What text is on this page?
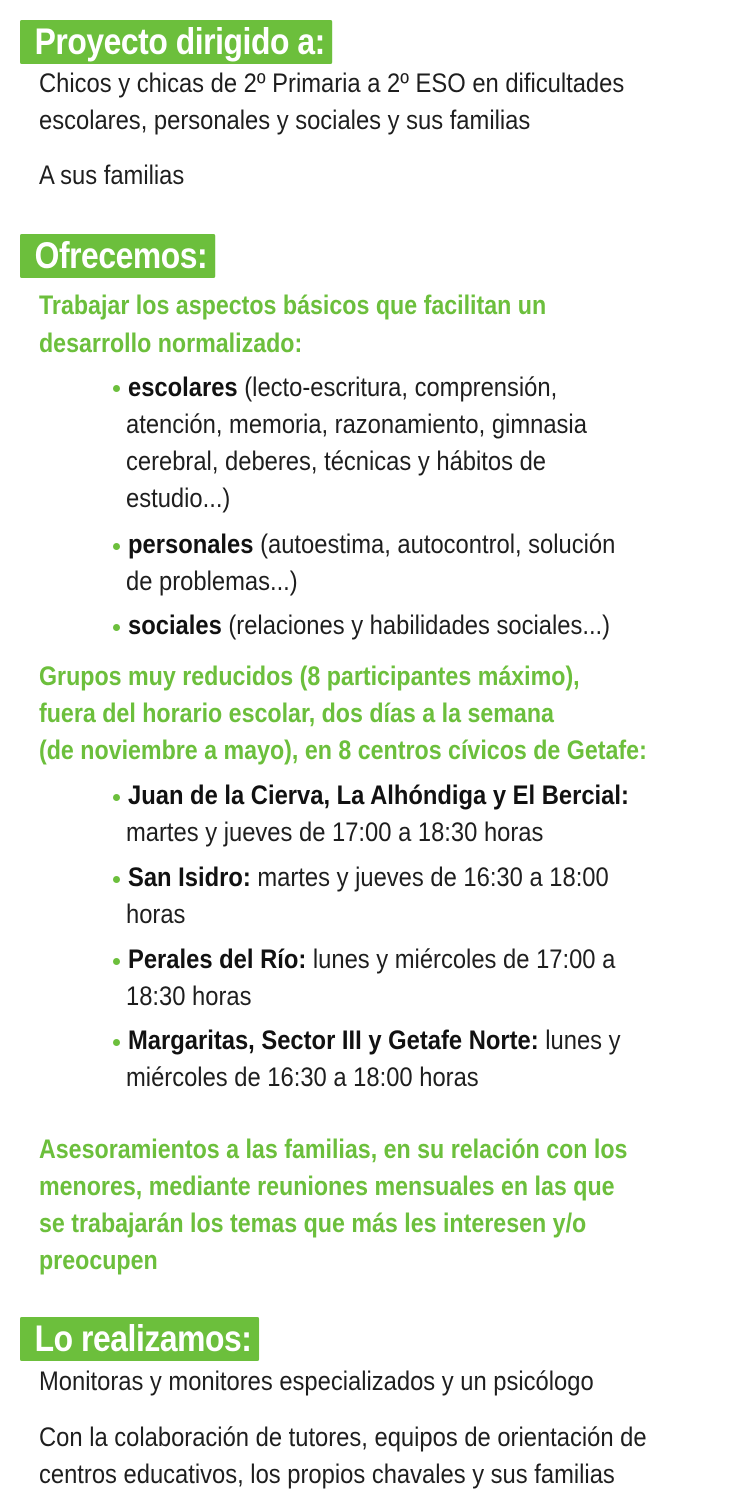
Proyecto dirigido a:
Chicos y chicas de 2º Primaria a 2º ESO en dificultades
escolares, personales y sociales y sus familias
A sus familias
Ofrecemos:
Trabajar los aspectos básicos que facilitan un
desarrollo normalizado:
escolares (lecto-escritura, comprensión,
atención, memoria, razonamiento, gimnasia
cerebral, deberes, técnicas y hábitos de
estudio...)
personales (autoestima, autocontrol, solución
de problemas...)
sociales (relaciones y habilidades sociales...)
Grupos muy reducidos (8 participantes máximo),
fuera del horario escolar, dos días a la semana
(de noviembre a mayo), en 8 centros cívicos de Getafe:
Juan de la Cierva, La Alhóndiga y El Bercial:
martes y jueves de 17:00 a 18:30 horas
San Isidro: martes y jueves de 16:30 a 18:00
horas
Perales del Río: lunes y miércoles de 17:00 a
18:30 horas
Margaritas, Sector III y Getafe Norte: lunes y
miércoles de 16:30 a 18:00 horas
Asesoramientos a las familias, en su relación con los
menores, mediante reuniones mensuales en las que
se trabajarán los temas que más les interesen y/o
preocupen
Lo realizamos:
Monitoras y monitores especializados y un psicólogo
Con la colaboración de tutores, equipos de orientación de
centros educativos, los propios chavales y sus familias
